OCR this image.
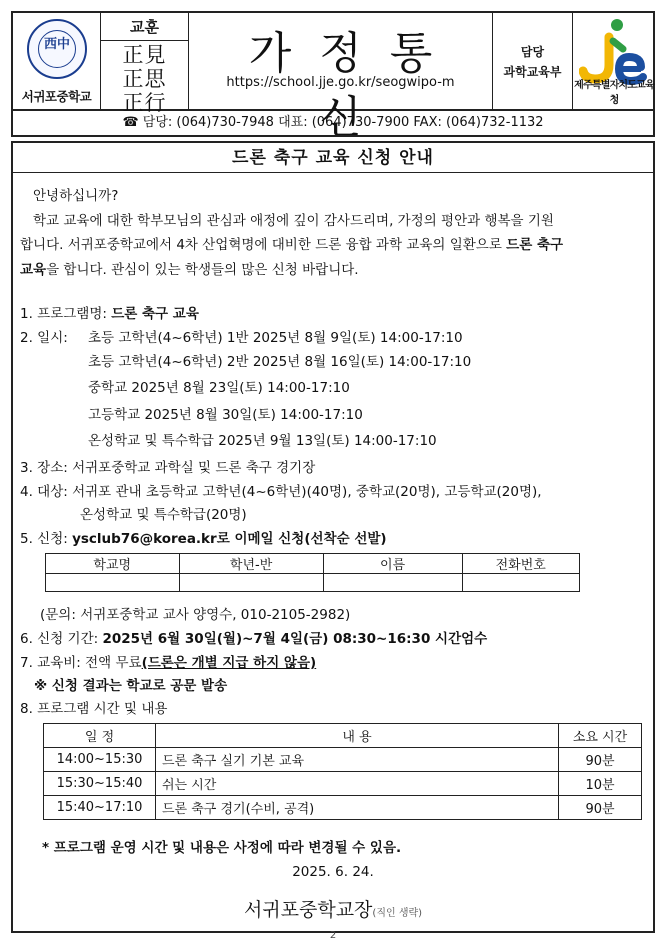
西中
서귀포중학교
교훈
正見
正思
正行
가정통신
https://school.jje.go.kr/seogwipo-m
담당
과학교육부
제주특별자치도교육청
☎ 담당: (064)730-7948 대표: (064)730-7900 FAX: (064)732-1132
드론 축구 교육 신청 안내
안녕하십니까?
학교 교육에 대한 학부모님의 관심과 애정에 깊이 감사드리며, 가정의 평안과 행복을 기원
합니다. 서귀포중학교에서 4차 산업혁명에 대비한 드론 융합 과학 교육의 일환으로 드론 축구
교육을 합니다. 관심이 있는 학생들의 많은 신청 바랍니다.
1. 프로그램명: 드론 축구 교육
2. 일시: 초등 고학년(4~6학년) 1반 2025년 8월 9일(토) 14:00-17:10
초등 고학년(4~6학년) 2반 2025년 8월 16일(토) 14:00-17:10
중학교 2025년 8월 23일(토) 14:00-17:10
고등학교 2025년 8월 30일(토) 14:00-17:10
온성학교 및 특수학급 2025년 9월 13일(토) 14:00-17:10
3. 장소: 서귀포중학교 과학실 및 드론 축구 경기장
4. 대상: 서귀포 관내 초등학교 고학년(4~6학년)(40명), 중학교(20명), 고등학교(20명),
온성학교 및 특수학급(20명)
5. 신청: ysclub76@korea.kr로 이메일 신청(선착순 선발)
학교명	학년-반	이름	전화번호

(문의: 서귀포중학교 교사 양영수, 010-2105-2982)
6. 신청 기간: 2025년 6월 30일(월)~7월 4일(금) 08:30~16:30 시간엄수
7. 교육비: 전액 무료(드론은 개별 지급 하지 않음)
※ 신청 결과는 학교로 공문 발송
8. 프로그램 시간 및 내용
일 정	내 용	소요 시간
14:00~15:30	드론 축구 실기 기본 교육	90분
15:30~15:40	쉬는 시간	10분
15:40~17:10	드론 축구 경기(수비, 공격)	90분
* 프로그램 운영 시간 및 내용은 사정에 따라 변경될 수 있음.
2025. 6. 24.
서귀포중학교장(직인 생략)
2
